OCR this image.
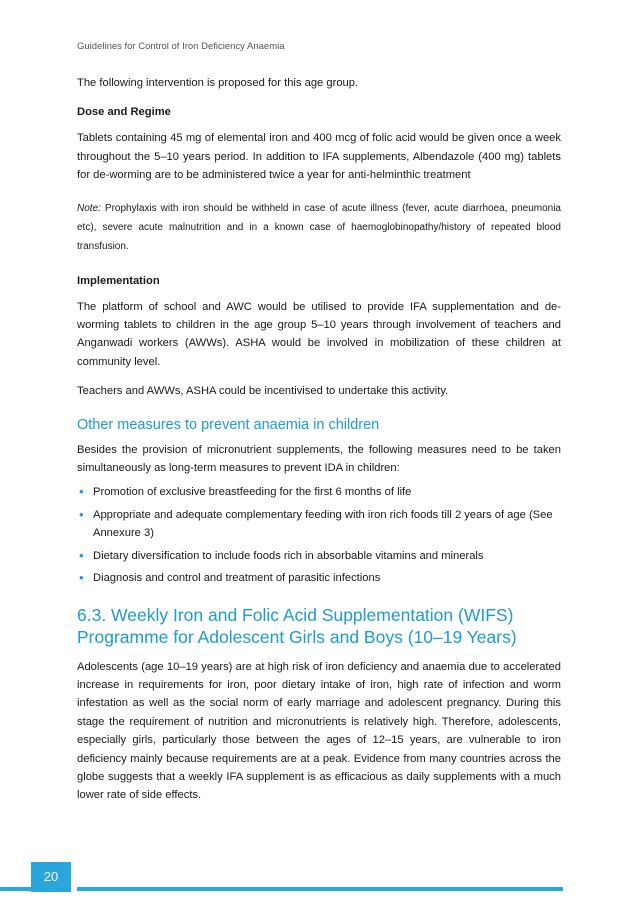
Guidelines for Control of Iron Deficiency Anaemia

The following intervention is proposed for this age group.

Dose and Regime

Tablets containing 45 mg of elemental iron and 400 mcg of folic acid would be given once a week throughout the 5–10 years period. In addition to IFA supplements, Albendazole (400 mg) tablets for de-worming are to be administered twice a year for anti-helminthic treatment

Note: Prophylaxis with iron should be withheld in case of acute illness (fever, acute diarrhoea, pneumonia etc), severe acute malnutrition and in a known case of haemoglobinopathy/history of repeated blood transfusion.

Implementation

The platform of school and AWC would be utilised to provide IFA supplementation and de-worming tablets to children in the age group 5–10 years through involvement of teachers and Anganwadi workers (AWWs). ASHA would be involved in mobilization of these children at community level.

Teachers and AWWs, ASHA could be incentivised to undertake this activity.

Other measures to prevent anaemia in children

Besides the provision of micronutrient supplements, the following measures need to be taken simultaneously as long-term measures to prevent IDA in children:

• Promotion of exclusive breastfeeding for the first 6 months of life
• Appropriate and adequate complementary feeding with iron rich foods till 2 years of age (See Annexure 3)
• Dietary diversification to include foods rich in absorbable vitamins and minerals
• Diagnosis and control and treatment of parasitic infections
6.3. Weekly Iron and Folic Acid Supplementation (WIFS)
Programme for Adolescent Girls and Boys (10–19 Years)

Adolescents (age 10–19 years) are at high risk of iron deficiency and anaemia due to accelerated increase in requirements for iron, poor dietary intake of iron, high rate of infection and worm infestation as well as the social norm of early marriage and adolescent pregnancy. During this stage the requirement of nutrition and micronutrients is relatively high. Therefore, adolescents, especially girls, particularly those between the ages of 12–15 years, are vulnerable to iron deficiency mainly because requirements are at a peak. Evidence from many countries across the globe suggests that a weekly IFA supplement is as efficacious as daily supplements with a much lower rate of side effects.

20
